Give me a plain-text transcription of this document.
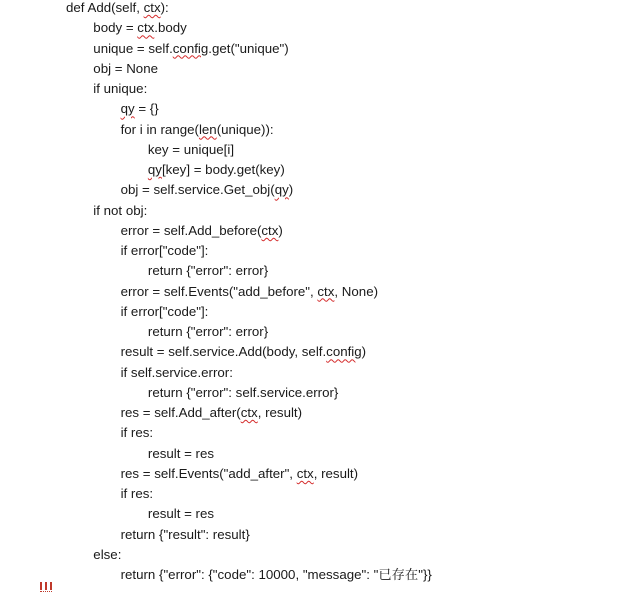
def Add(self, ctx):
body = ctx.body
unique = self.config.get("unique")
obj = None
if unique:
qy = {}
for i in range(len(unique)):
key = unique[i]
qy[key] = body.get(key)
obj = self.service.Get_obj(qy)
if not obj:
error = self.Add_before(ctx)
if error["code"]:
return {"error": error}
error = self.Events("add_before", ctx, None)
if error["code"]:
return {"error": error}
result = self.service.Add(body, self.config)
if self.service.error:
return {"error": self.service.error}
res = self.Add_after(ctx, result)
if res:
result = res
res = self.Events("add_after", ctx, result)
if res:
result = res
return {"result": result}
else:
return {"error": {"code": 10000, "message": "已存在"}}
